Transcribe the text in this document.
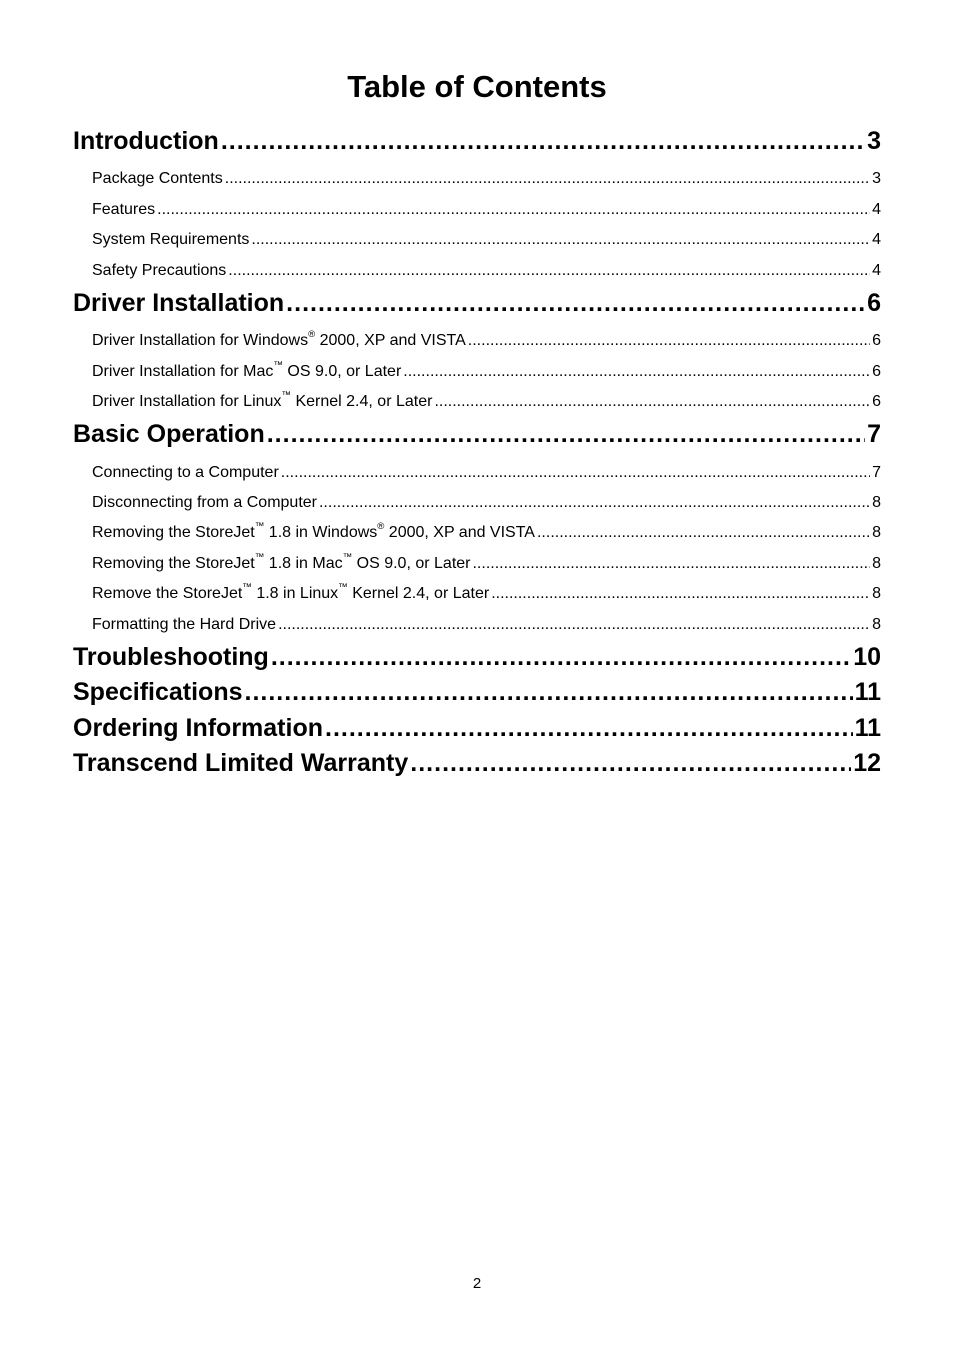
Table of Contents
Introduction .....	3
Package Contents .....	3
Features .....	4
System Requirements .....	4
Safety Precautions .....	4
Driver Installation .....	6
Driver Installation for Windows® 2000, XP and VISTA .....	6
Driver Installation for Mac™ OS 9.0, or Later .....	6
Driver Installation for Linux™ Kernel 2.4, or Later .....	6
Basic Operation .....	7
Connecting to a Computer .....	7
Disconnecting from a Computer .....	8
Removing the StoreJet™ 1.8 in Windows® 2000, XP and VISTA .....	8
Removing the StoreJet™ 1.8 in Mac™ OS 9.0, or Later .....	8
Remove the StoreJet™ 1.8 in Linux™ Kernel 2.4, or Later .....	8
Formatting the Hard Drive .....	8
Troubleshooting .....	10
Specifications .....	11
Ordering Information .....	11
Transcend Limited Warranty .....	12
2
